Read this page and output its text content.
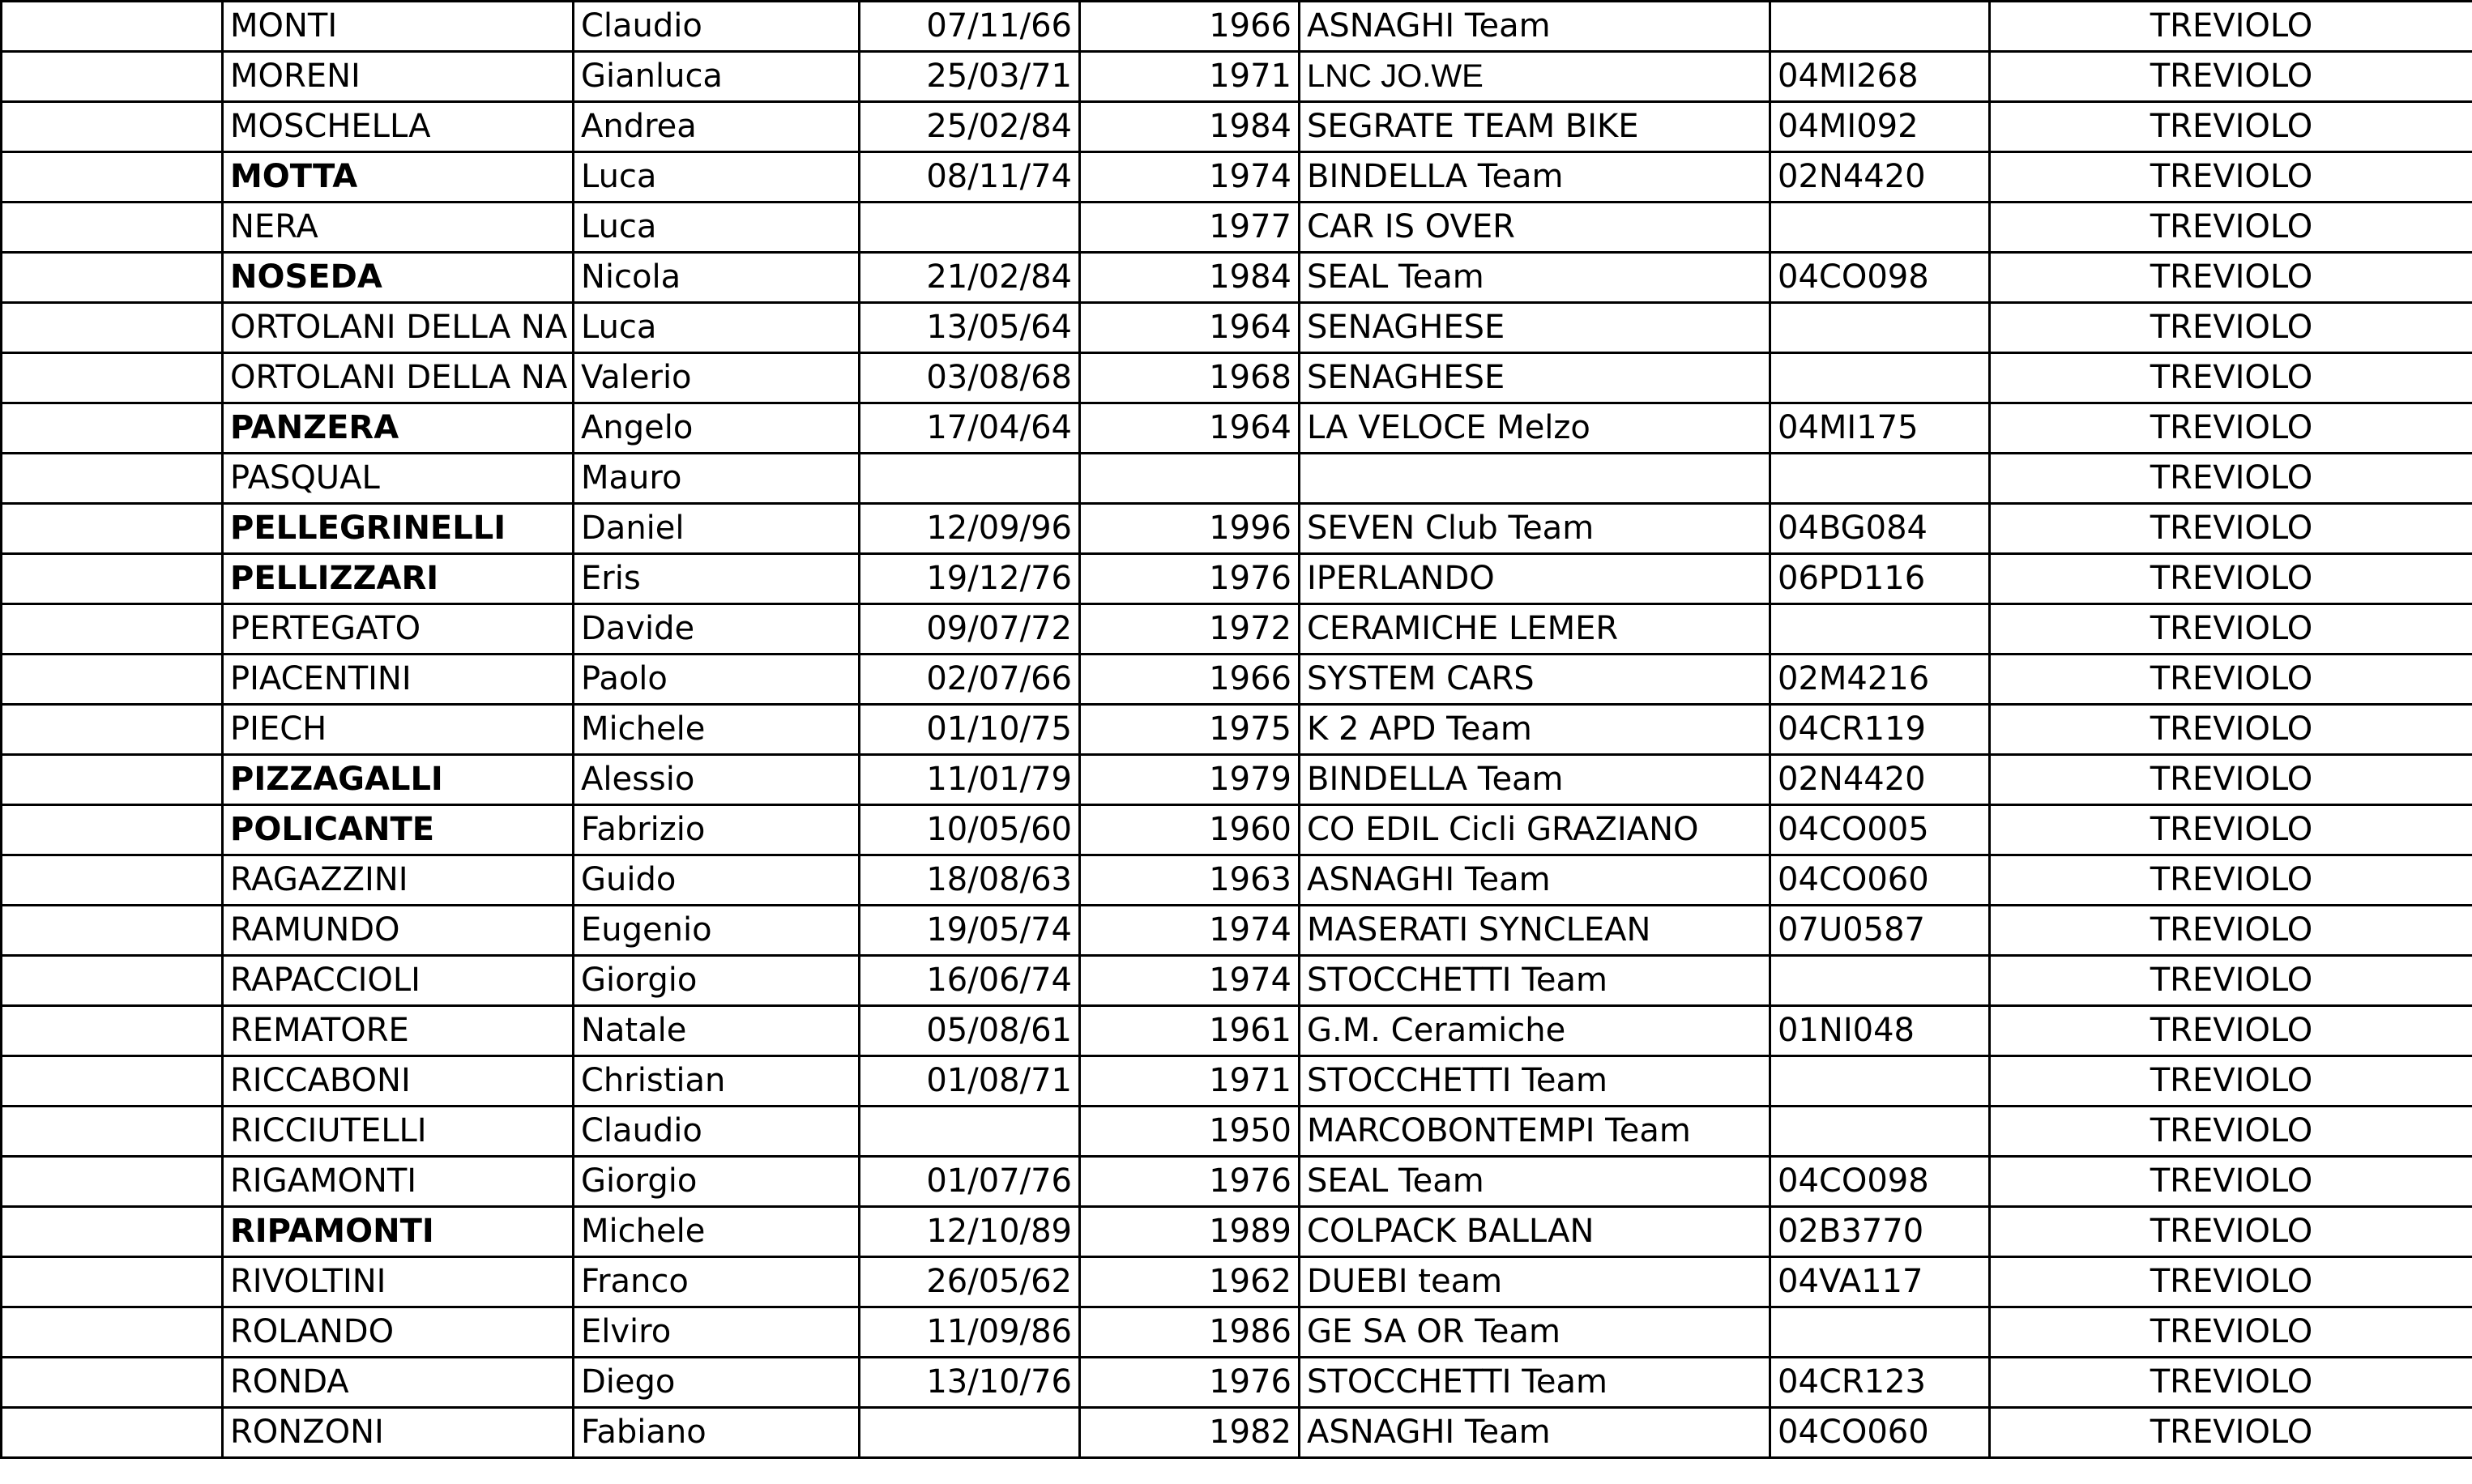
	MONTI	Claudio	07/11/66	1966	ASNAGHI Team		TREVIOLO
	MORENI	Gianluca	25/03/71	1971	LNC JO.WE	04MI268	TREVIOLO
	MOSCHELLA	Andrea	25/02/84	1984	SEGRATE TEAM BIKE	04MI092	TREVIOLO
	MOTTA	Luca	08/11/74	1974	BINDELLA Team	02N4420	TREVIOLO
	NERA	Luca		1977	CAR IS OVER		TREVIOLO
	NOSEDA	Nicola	21/02/84	1984	SEAL Team	04CO098	TREVIOLO
	ORTOLANI DELLA NA	Luca	13/05/64	1964	SENAGHESE		TREVIOLO
	ORTOLANI DELLA NA	Valerio	03/08/68	1968	SENAGHESE		TREVIOLO
	PANZERA	Angelo	17/04/64	1964	LA VELOCE Melzo	04MI175	TREVIOLO
	PASQUAL	Mauro					TREVIOLO
	PELLEGRINELLI	Daniel	12/09/96	1996	SEVEN Club Team	04BG084	TREVIOLO
	PELLIZZARI	Eris	19/12/76	1976	IPERLANDO	06PD116	TREVIOLO
	PERTEGATO	Davide	09/07/72	1972	CERAMICHE LEMER		TREVIOLO
	PIACENTINI	Paolo	02/07/66	1966	SYSTEM CARS	02M4216	TREVIOLO
	PIECH	Michele	01/10/75	1975	K 2 APD Team	04CR119	TREVIOLO
	PIZZAGALLI	Alessio	11/01/79	1979	BINDELLA Team	02N4420	TREVIOLO
	POLICANTE	Fabrizio	10/05/60	1960	CO EDIL Cicli GRAZIANO	04CO005	TREVIOLO
	RAGAZZINI	Guido	18/08/63	1963	ASNAGHI Team	04CO060	TREVIOLO
	RAMUNDO	Eugenio	19/05/74	1974	MASERATI SYNCLEAN	07U0587	TREVIOLO
	RAPACCIOLI	Giorgio	16/06/74	1974	STOCCHETTI Team		TREVIOLO
	REMATORE	Natale	05/08/61	1961	G.M. Ceramiche	01NI048	TREVIOLO
	RICCABONI	Christian	01/08/71	1971	STOCCHETTI Team		TREVIOLO
	RICCIUTELLI	Claudio		1950	MARCOBONTEMPI Team		TREVIOLO
	RIGAMONTI	Giorgio	01/07/76	1976	SEAL Team	04CO098	TREVIOLO
	RIPAMONTI	Michele	12/10/89	1989	COLPACK BALLAN	02B3770	TREVIOLO
	RIVOLTINI	Franco	26/05/62	1962	DUEBI team	04VA117	TREVIOLO
	ROLANDO	Elviro	11/09/86	1986	GE SA OR Team		TREVIOLO
	RONDA	Diego	13/10/76	1976	STOCCHETTI Team	04CR123	TREVIOLO
	RONZONI	Fabiano		1982	ASNAGHI Team	04CO060	TREVIOLO
